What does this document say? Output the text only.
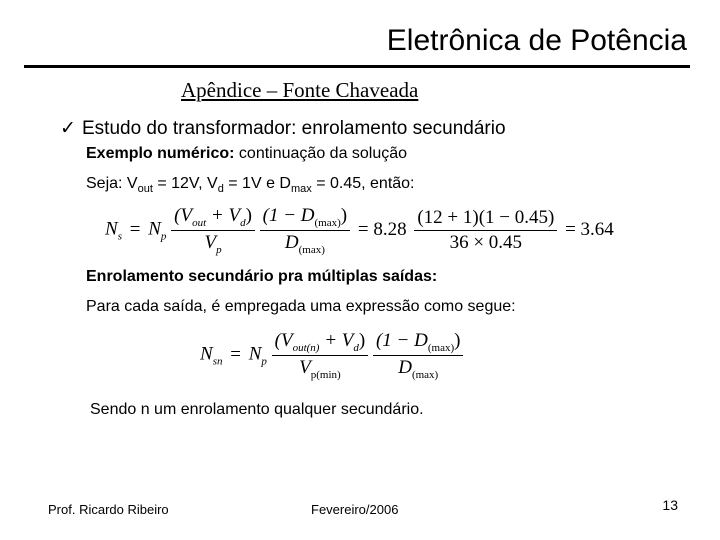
Eletrônica de Potência
Apêndice – Fonte Chaveada
✓ Estudo do transformador: enrolamento secundário
Exemplo numérico: continuação da solução
Seja: $V_{out} = 12V$, $V_d = 1V$ e $D_{max} = 0.45$, então:
$N_s = N_p \frac{(V_{out} + V_d)}{V_p}$
$\frac{(1 - D_{(max)})}{D_{(max)}} = 8.28 \frac{(12 + 1)(1 - 0.45)}{36 \times 0.45} = 3.64$
Enrolamento secundário pra múltiplas saídas:
Para cada saída, é empregada uma expressão como segue:
$N_{sn} = N_p \frac{(V_{out(n)} + V_d)}{V_{p(min)}}$
$\frac{(1 - D_{(max)})}{D_{(max)}}$
Sendo n um enrolamento qualquer secundário.
Prof. Ricardo Ribeiro	Fevereiro/2006	13
